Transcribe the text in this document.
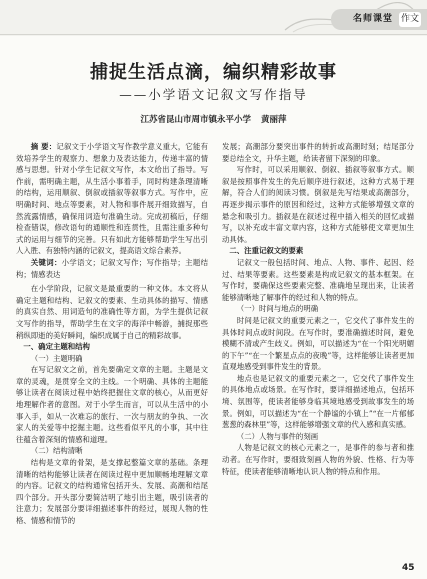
名师课堂 作文
捕捉生活点滴，编织精彩故事
——小学语文记叙文写作指导
江苏省昆山市周市镇永平小学 黄丽萍

摘 要：记叙文于小学语文写作教学意义重大，它能有效培养学生的观察力、想象力及表达能力，传递丰富的情感与思想。针对小学生记叙文写作，本文给出了指导。写作前，需明确主题，从生活小事着手，同时构建条理清晰的结构，运用顺叙、倒叙或插叙等叙事方式。写作中，应明确时间、地点等要素，对人物和事件展开细致描写，自然流露情感，确保用词造句准确生动。完成初稿后，仔细检查错误，修改语句的通顺性和连贯性，且需注重多种句式的运用与细节的完善。只有如此方能够帮助学生写出引人入胜、有独特内涵的记叙文，提高语文综合素养。

关键词：小学语文；记叙文写作；写作指导；主题结构；情感表达

在小学阶段，记叙文是最重要的一种文体。本文将从确定主题和结构、记叙文的要素、生动具体的描写、情感的真实自然、用词造句的准确性等方面，为学生提供记叙文写作的指导，帮助学生在文字的海洋中畅游，捕捉那些稍纵即逝的美好瞬间，编织成属于自己的精彩故事。

一、确定主题和结构

（一）主题明确

在写记叙文之前，首先要确定文章的主题。主题是文章的灵魂，是贯穿全文的主线。一个明确、具体的主题能够让读者在阅读过程中始终把握住文章的核心，从而更好地理解作者的意图。对于小学生而言，可以从生活中的小事入手，如从一次难忘的旅行、一次与朋友的争执、一次家人的关爱等中挖掘主题。这些看似平凡的小事，其中往往蕴含着深刻的情感和道理。

（二）结构清晰

结构是文章的骨架，是支撑起整篇文章的基础。条理清晰的结构能够让读者在阅读过程中更加顺畅地理解文章的内容。记叙文的结构通常包括开头、发展、高潮和结尾四个部分。开头部分要简洁明了地引出主题，吸引读者的注意力；发展部分要详细描述事件的经过，展现人物的性格、情感和情节的

发展；高潮部分要突出事件的转折或高潮时刻；结尾部分要总结全文，升华主题，给读者留下深刻的印象。

写作时，可以采用顺叙、倒叙、插叙等叙事方式。顺叙是按照事件发生的先后顺序进行叙述，这种方式易于理解，符合人们的阅读习惯。倒叙是先写结果或高潮部分，再逐步揭示事件的原因和经过，这种方式能够增强文章的悬念和吸引力。插叙是在叙述过程中插入相关的回忆或描写，以补充或丰富文章内容，这种方式能够使文章更加生动具体。

二、注重记叙文的要素

记叙文一般包括时间、地点、人物、事件、起因、经过、结果等要素。这些要素是构成记叙文的基本框架。在写作时，要确保这些要素完整、准确地呈现出来，让读者能够清晰地了解事件的经过和人物的特点。

（一）时间与地点的明确

时间是记叙文的重要元素之一，它交代了事件发生的具体时间点或时间段。在写作时，要准确描述时间，避免模糊不清或产生歧义。例如，可以描述为“在一个阳光明媚的下午”“在一个繁星点点的夜晚”等，这样能够让读者更加直观地感受到事件发生的背景。

地点也是记叙文的重要元素之一，它交代了事件发生的具体地点或场景。在写作时，要详细描述地点，包括环境、氛围等，使读者能够身临其境地感受到故事发生的场景。例如，可以描述为“在一个静谧的小镇上”“在一片郁郁葱葱的森林里”等，这样能够增强文章的代入感和真实感。

（二）人物与事件的刻画

人物是记叙文的核心元素之一，是事件的参与者和推动者。在写作时，要细致刻画人物的外貌、性格、行为等特征，使读者能够清晰地认识人物的特点和作用。

45
